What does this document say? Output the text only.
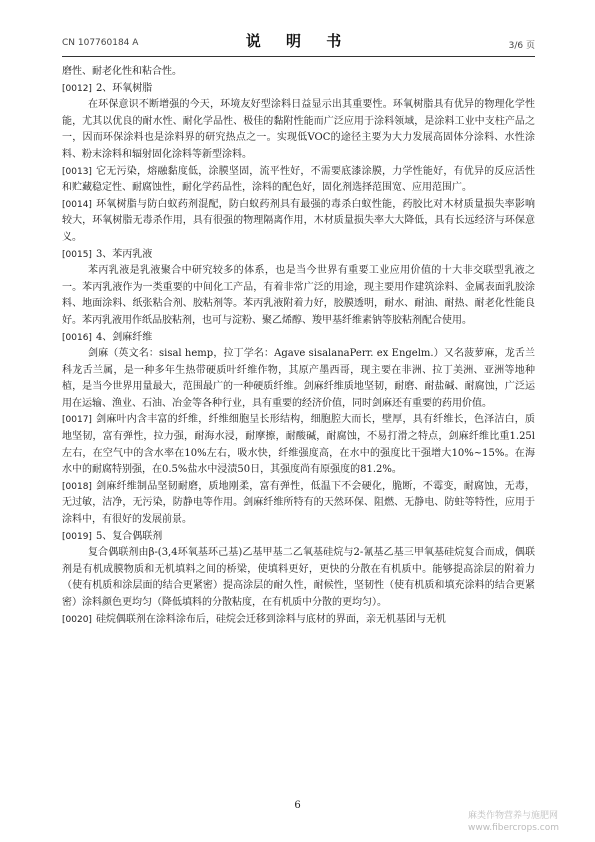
CN 107760184 A	说 明 书	3/6 页

磨性、耐老化性和粘合性。

[0012] 2、环氧树脂

在环保意识不断增强的今天，环境友好型涂料日益显示出其重要性。环氧树脂具有优异的物理化学性能，尤其以优良的耐水性、耐化学品性、极佳的黏附性能而广泛应用于涂料领域，是涂料工业中支柱产品之一，因而环保涂料也是涂料界的研究热点之一。实现低VOC的途径主要为大力发展高固体分涂料、水性涂料、粉末涂料和辐射固化涂料等新型涂料。

[0013] 它无污染，熔融黏度低，涂膜坚固，流平性好，不需要底漆涂膜，力学性能好，有优异的反应活性和贮藏稳定性、耐腐蚀性，耐化学药品性，涂料的配色好，固化剂选择范围宽、应用范围广。

[0014] 环氧树脂与防白蚁药剂混配，防白蚁药剂具有最强的毒杀白蚁性能，药胶比对木材质量损失率影响较大，环氧树脂无毒杀作用，具有很强的物理隔离作用，木材质量损失率大大降低，具有长远经济与环保意义。

[0015] 3、苯丙乳液

苯丙乳液是乳液聚合中研究较多的体系，也是当今世界有重要工业应用价值的十大非交联型乳液之一。苯丙乳液作为一类重要的中间化工产品，有着非常广泛的用途，现主要用作建筑涂料、金属表面乳胶涂料、地面涂料、纸张粘合剂、胶粘剂等。苯丙乳液附着力好，胶膜透明，耐水、耐油、耐热、耐老化性能良好。苯丙乳液用作纸品胶粘剂，也可与淀粉、聚乙烯醇、羧甲基纤维素钠等胶粘剂配合使用。

[0016] 4、剑麻纤维

剑麻（英文名：sisal hemp，拉丁学名：Agave sisalanaPerr. ex Engelm.）又名菠萝麻，龙舌兰科龙舌兰属，是一种多年生热带硬质叶纤维作物，其原产墨西哥，现主要在非洲、拉丁美洲、亚洲等地种植，是当今世界用量最大，范围最广的一种硬质纤维。剑麻纤维质地坚韧，耐磨、耐盐碱、耐腐蚀，广泛运用在运输、渔业、石油、冶金等各种行业，具有重要的经济价值，同时剑麻还有重要的药用价值。

[0017] 剑麻叶内含丰富的纤维，纤维细胞呈长形结构，细胞腔大而长，壁厚，具有纤维长，色泽洁白，质地坚韧，富有弹性，拉力强，耐海水浸，耐摩擦，耐酸碱，耐腐蚀，不易打滑之特点，剑麻纤维比重1.25l左右，在空气中的含水率在10%左右，吸水快，纤维强度高，在水中的强度比干强增大10%~15%。在海水中的耐腐特别强，在0.5%盐水中浸渍50日，其强度尚有原强度的81.2%。

[0018] 剑麻纤维制品坚韧耐磨，质地刚柔，富有弹性，低温下不会硬化，脆断，不霉变，耐腐蚀，无毒，无过敏，洁净，无污染，防静电等作用。剑麻纤维所特有的天然环保、阻燃、无静电、防蛀等特性，应用于涂料中，有很好的发展前景。

[0019] 5、复合偶联剂

复合偶联剂由β-(3,4环氧基环己基)乙基甲基二乙氧基硅烷与2-氰基乙基三甲氧基硅烷复合而成，偶联剂是有机成膜物质和无机填料之间的桥梁，使填料更好，更快的分散在有机质中。能够提高涂层的附着力（使有机质和涂层面的结合更紧密）提高涂层的耐久性，耐候性，坚韧性（使有机质和填充涂料的结合更紧密）涂料颜色更均匀（降低填料的分散粘度，在有机质中分散的更均匀）。

[0020] 硅烷偶联剂在涂料涂布后，硅烷会迁移到涂料与底材的界面，亲无机基团与无机

6
麻类作物营养与施肥网
www.fibercrops.com
